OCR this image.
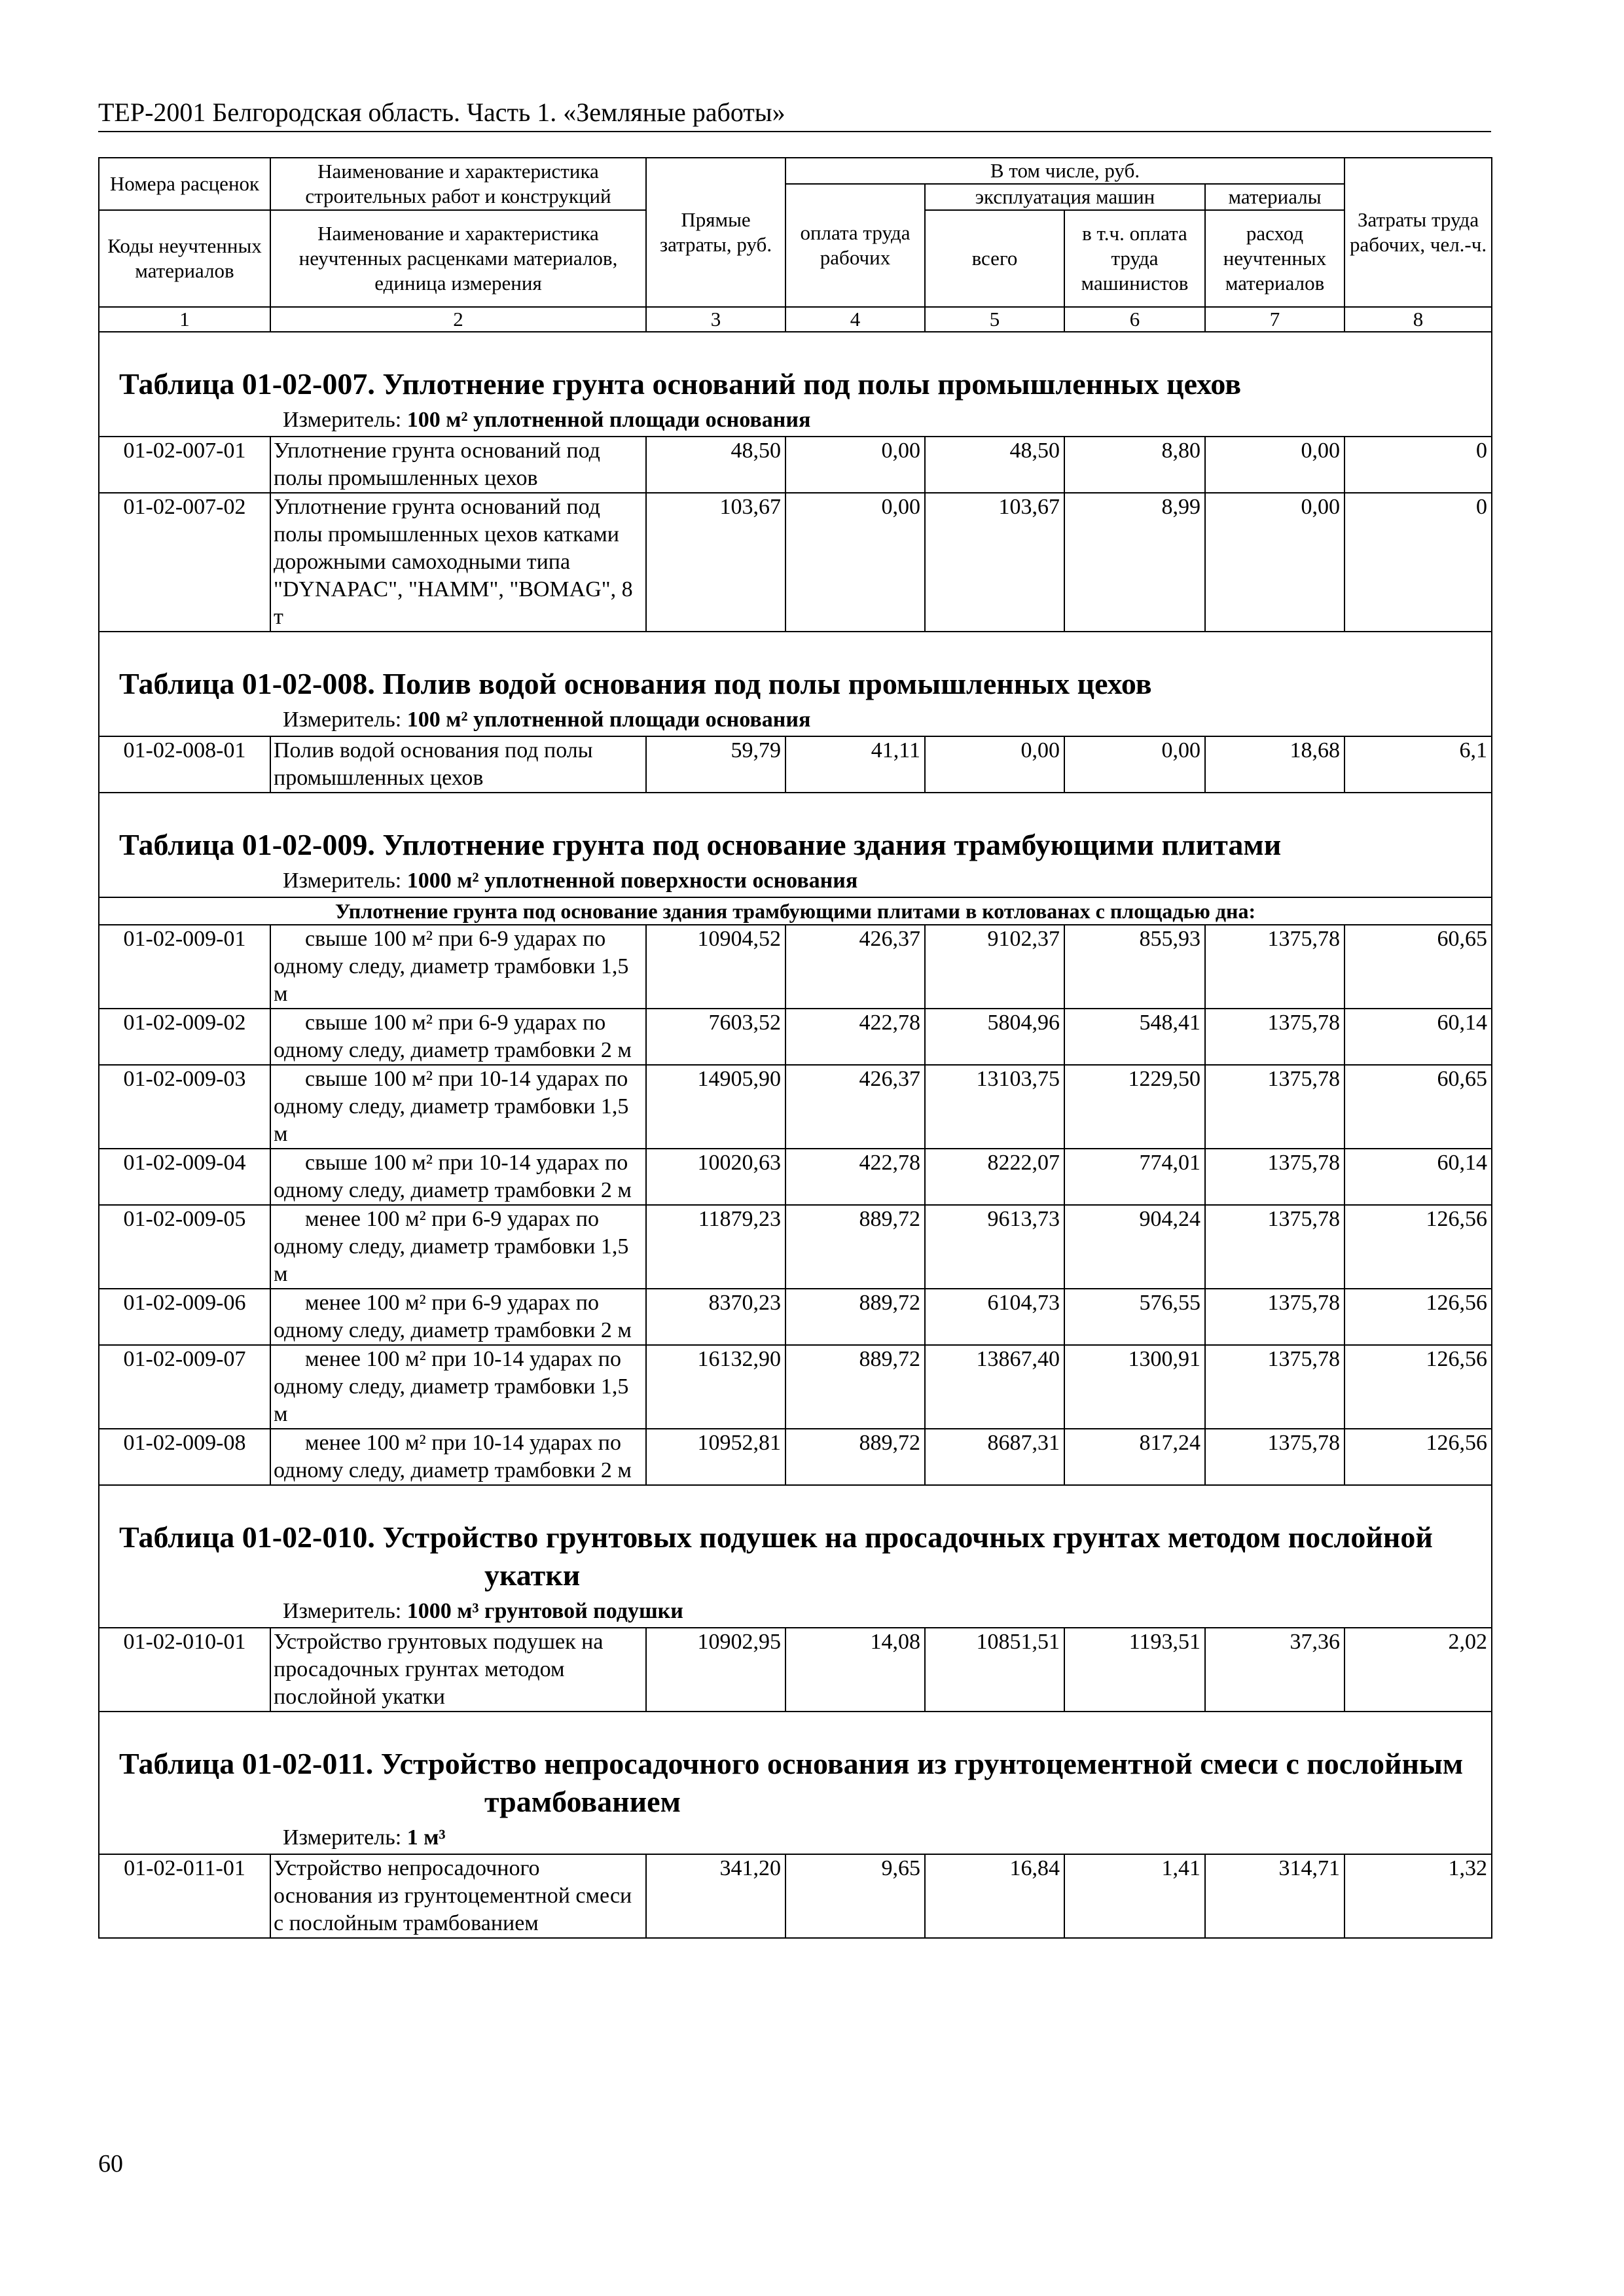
ТЕР-2001 Белгородская область. Часть 1. «Земляные работы»
Номера расценок	Наименование и характеристика строительных работ и конструкций	Прямые затраты, руб.	В том числе, руб.				Затраты труда рабочих, чел.-ч.
			оплата труда рабочих	эксплуатация машин		материалы	
Коды неучтенных материалов	Наименование и характеристика неучтенных расценками материалов, единица измерения			всего	в т.ч. оплата труда машинистов	расход неучтенных материалов	

1	2	3	4	5	6	7	8

Таблица 01-02-007. Уплотнение грунта оснований под полы промышленных цехов
Измеритель: 100 м² уплотненной площади основания							

01-02-007-01	Уплотнение грунта оснований под полы промышленных цехов	48,50	0,00	48,50	8,80	0,00	0
01-02-007-02	Уплотнение грунта оснований под полы промышленных цехов катками дорожными самоходными типа "DYNAPAC", "HAMM", "BOMAG", 8 т	103,67	0,00	103,67	8,99	0,00	0

Таблица 01-02-008. Полив водой основания под полы промышленных цехов
Измеритель: 100 м² уплотненной площади основания							

01-02-008-01	Полив водой основания под полы промышленных цехов	59,79	41,11	0,00	0,00	18,68	6,1

Таблица 01-02-009. Уплотнение грунта под основание здания трамбующими плитами
Измеритель: 1000 м² уплотненной поверхности основания							

Уплотнение грунта под основание здания трамбующими плитами в котлованах с площадью дна:							
01-02-009-01	свыше 100 м² при 6-9 ударах по одному следу, диаметр трамбовки 1,5 м	10904,52	426,37	9102,37	855,93	1375,78	60,65
01-02-009-02	свыше 100 м² при 6-9 ударах по одному следу, диаметр трамбовки 2 м	7603,52	422,78	5804,96	548,41	1375,78	60,14
01-02-009-03	свыше 100 м² при 10-14 ударах по одному следу, диаметр трамбовки 1,5 м	14905,90	426,37	13103,75	1229,50	1375,78	60,65
01-02-009-04	свыше 100 м² при 10-14 ударах по одному следу, диаметр трамбовки 2 м	10020,63	422,78	8222,07	774,01	1375,78	60,14
01-02-009-05	менее 100 м² при 6-9 ударах по одному следу, диаметр трамбовки 1,5 м	11879,23	889,72	9613,73	904,24	1375,78	126,56
01-02-009-06	менее 100 м² при 6-9 ударах по одному следу, диаметр трамбовки 2 м	8370,23	889,72	6104,73	576,55	1375,78	126,56
01-02-009-07	менее 100 м² при 10-14 ударах по одному следу, диаметр трамбовки 1,5 м	16132,90	889,72	13867,40	1300,91	1375,78	126,56
01-02-009-08	менее 100 м² при 10-14 ударах по одному следу, диаметр трамбовки 2 м	10952,81	889,72	8687,31	817,24	1375,78	126,56

Таблица 01-02-010. Устройство грунтовых подушек на просадочных грунтах методом послойной укатки
Измеритель: 1000 м³ грунтовой подушки							

01-02-010-01	Устройство грунтовых подушек на просадочных грунтах методом послойной укатки	10902,95	14,08	10851,51	1193,51	37,36	2,02

Таблица 01-02-011. Устройство непросадочного основания из грунтоцементной смеси с послойным трамбованием
Измеритель: 1 м³							

01-02-011-01	Устройство непросадочного основания из грунтоцементной смеси с послойным трамбованием	341,20	9,65	16,84	1,41	314,71	1,32
60
